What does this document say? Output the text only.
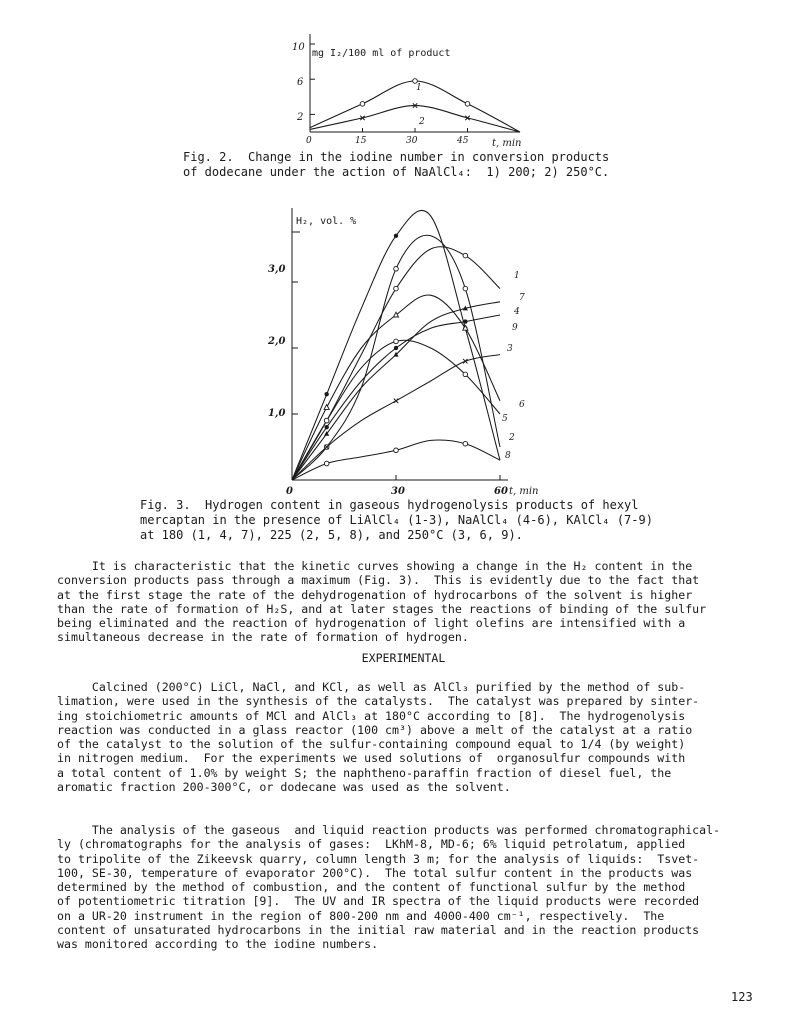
mg I₂/100 ml of product
t, min
10
6
2
0	15	30	45
1
2
Fig. 2.  Change in the iodine number in conversion products
of dodecane under the action of NaAlCl₄:  1) 200; 2) 250°C.
H₂, vol. %
3,0
2,0
1,0
0	30	60 t, min
1
7
4
9
3
6
5
2
8
Fig. 3.  Hydrogen content in gaseous hydrogenolysis products of hexyl
mercaptan in the presence of LiAlCl₄ (1-3), NaAlCl₄ (4-6), KAlCl₄ (7-9)
at 180 (1, 4, 7), 225 (2, 5, 8), and 250°C (3, 6, 9).
It is characteristic that the kinetic curves showing a change in the H₂ content in the
conversion products pass through a maximum (Fig. 3).  This is evidently due to the fact that
at the first stage the rate of the dehydrogenation of hydrocarbons of the solvent is higher
than the rate of formation of H₂S, and at later stages the reactions of binding of the sulfur
being eliminated and the reaction of hydrogenation of light olefins are intensified with a
simultaneous decrease in the rate of formation of hydrogen.
EXPERIMENTAL
Calcined (200°C) LiCl, NaCl, and KCl, as well as AlCl₃ purified by the method of sub-
limation, were used in the synthesis of the catalysts.  The catalyst was prepared by sinter-
ing stoichiometric amounts of MCl and AlCl₃ at 180°C according to [8].  The hydrogenolysis
reaction was conducted in a glass reactor (100 cm³) above a melt of the catalyst at a ratio
of the catalyst to the solution of the sulfur-containing compound equal to 1/4 (by weight)
in nitrogen medium.  For the experiments we used solutions of  organosulfur compounds with
a total content of 1.0% by weight S; the naphtheno-paraffin fraction of diesel fuel, the
aromatic fraction 200-300°C, or dodecane was used as the solvent.
The analysis of the gaseous  and liquid reaction products was performed chromatographical-
ly (chromatographs for the analysis of gases:  LKhM-8, MD-6; 6% liquid petrolatum, applied
to tripolite of the Zikeevsk quarry, column length 3 m; for the analysis of liquids:  Tsvet-
100, SE-30, temperature of evaporator 200°C).  The total sulfur content in the products was
determined by the method of combustion, and the content of functional sulfur by the method
of potentiometric titration [9].  The UV and IR spectra of the liquid products were recorded
on a UR-20 instrument in the region of 800-200 nm and 4000-400 cm⁻¹, respectively.  The
content of unsaturated hydrocarbons in the initial raw material and in the reaction products
was monitored according to the iodine numbers.
123
